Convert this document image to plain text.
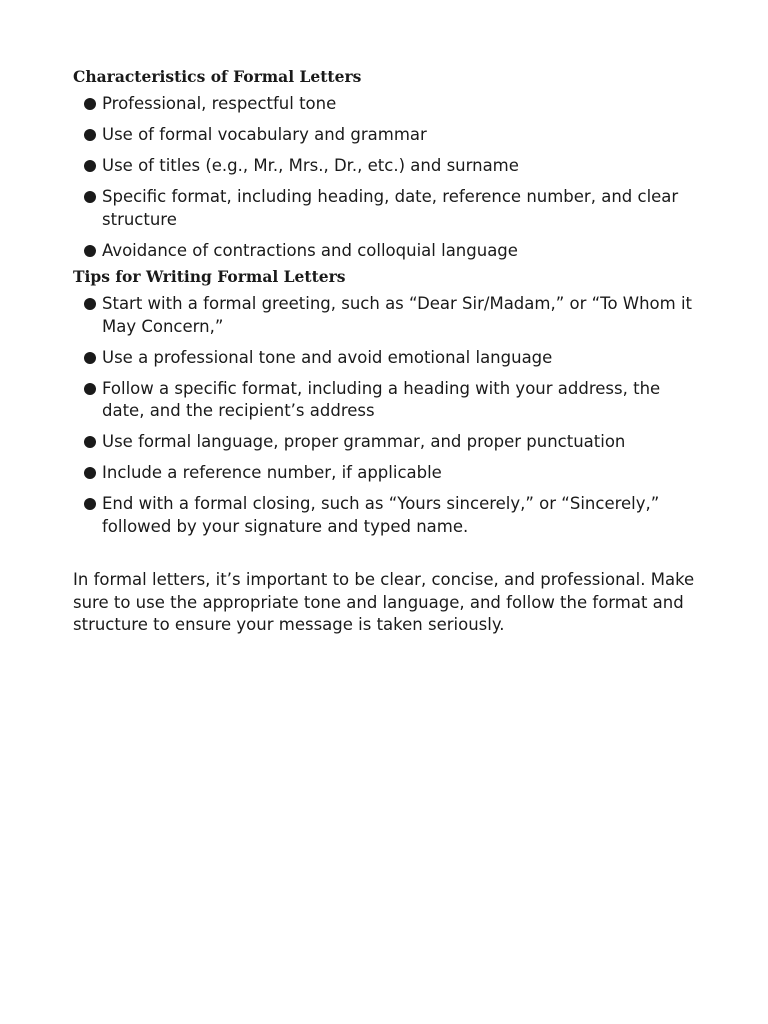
Characteristics of Formal Letters
Professional, respectful tone
Use of formal vocabulary and grammar
Use of titles (e.g., Mr., Mrs., Dr., etc.) and surname
Specific format, including heading, date, reference number, and clear structure
Avoidance of contractions and colloquial language
Tips for Writing Formal Letters
Start with a formal greeting, such as “Dear Sir/Madam,” or “To Whom it May Concern,”
Use a professional tone and avoid emotional language
Follow a specific format, including a heading with your address, the date, and the recipient’s address
Use formal language, proper grammar, and proper punctuation
Include a reference number, if applicable
End with a formal closing, such as “Yours sincerely,” or “Sincerely,” followed by your signature and typed name.

In formal letters, it’s important to be clear, concise, and professional. Make sure to use the appropriate tone and language, and follow the format and structure to ensure your message is taken seriously.
